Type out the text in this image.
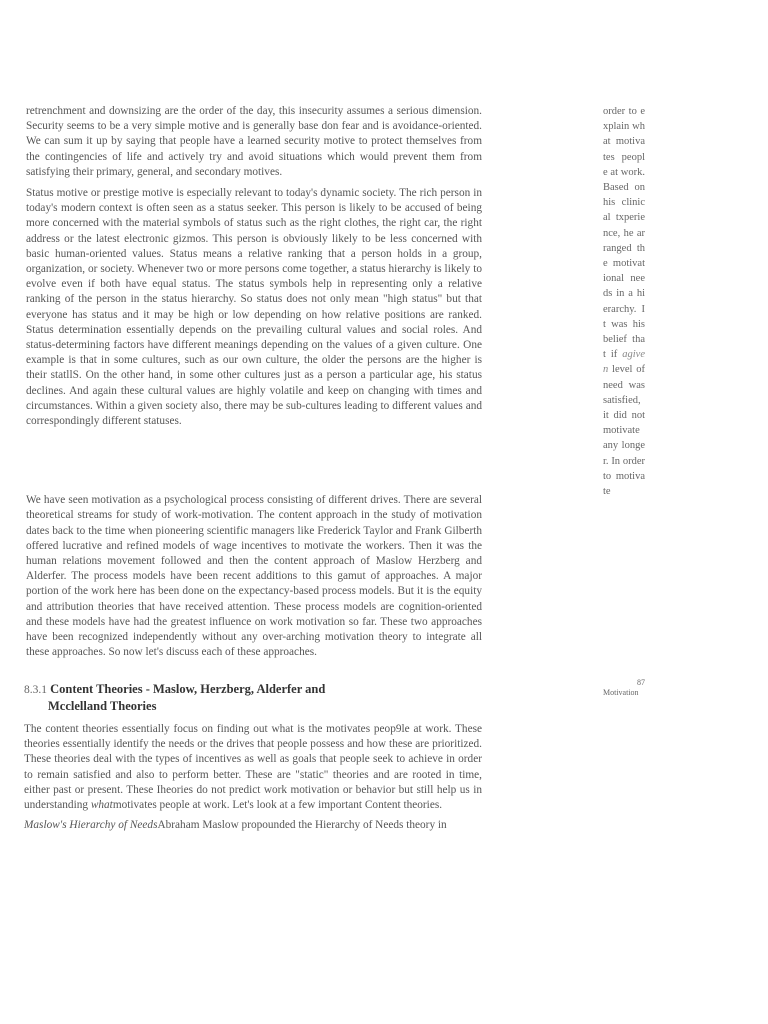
retrenchment and downsizing are the order of the day, this insecurity assumes a serious dimension. Security seems to be a very simple motive and is generally base don fear and is avoidance-oriented. We can sum it up by saying that people have a learned security motive to protect themselves from the contingencies of life and actively try and avoid situations which would prevent them from satisfying their primary, general, and secondary motives.

Status motive or prestige motive is especially relevant to today's dynamic society. The rich person in today's modern context is often seen as a status seeker. This person is likely to be accused of being more concerned with the material symbols of status such as the right clothes, the right car, the right address or the latest electronic gizmos. This person is obviously likely to be less concerned with basic human-oriented values. Status means a relative ranking that a person holds in a group, organization, or society. Whenever two or more persons come together, a status hierarchy is likely to evolve even if both have equal status. The status symbols help in representing only a relative ranking of the person in the status hierarchy. So status does not only mean "high status" but that everyone has status and it may be high or low depending on how relative positions are ranked. Status determination essentially depends on the prevailing cultural values and social roles. And status-determining factors have different meanings depending on the values of a given culture. One example is that in some cultures, such as our own culture, the older the persons are the higher is their statllS. On the other hand, in some other cultures just as a person a particular age, his status declines. And again these cultural values are highly volatile and keep on changing with times and circumstances. Within a given society also, there may be sub-cultures leading to different values and correspondingly different statuses.

We have seen motivation as a psychological process consisting of different drives. There are several theoretical streams for study of work-motivation. The content approach in the study of motivation dates back to the time when pioneering scientific managers like Frederick Taylor and Frank Gilberth offered lucrative and refined models of wage incentives to motivate the workers. Then it was the human relations movement followed and then the content approach of Maslow Herzberg and Alderfer. The process models have been recent additions to this gamut of approaches. A major portion of the work here has been done on the expectancy-based process models. But it is the equity and attribution theories that have received attention. These process models are cognition-oriented and these models have had the greatest influence on work motivation so far. These two approaches have been recognized independently without any over-arching motivation theory to integrate all these approaches. So now let's discuss each of these approaches.

8.3.1 Content Theories - Maslow, Herzberg, Alderfer and
Mcclelland Theories

The content theories essentially focus on finding out what is the motivates peop9le at work. These theories essentially identify the needs or the drives that people possess and how these are prioritized. These theories deal with the types of incentives as well as goals that people seek to achieve in order to remain satisfied and also to perform better. These are "static" theories and are rooted in time, either past or present. These Iheories do not predict work motivation or behavior but still help us in understanding whatmotivates people at work. Let's look at a few important Content theories.

Maslow's Hierarchy of NeedsAbraham Maslow propounded the Hierarchy of Needs theory in

order to explain what motivates people at work. Based on his clinical txperience, he arranged the motivational needs in a hierarchy. It was his belief that if agiven level of need was satisfied, it did not motivate any longer. In order to motivate
87
Motivation
